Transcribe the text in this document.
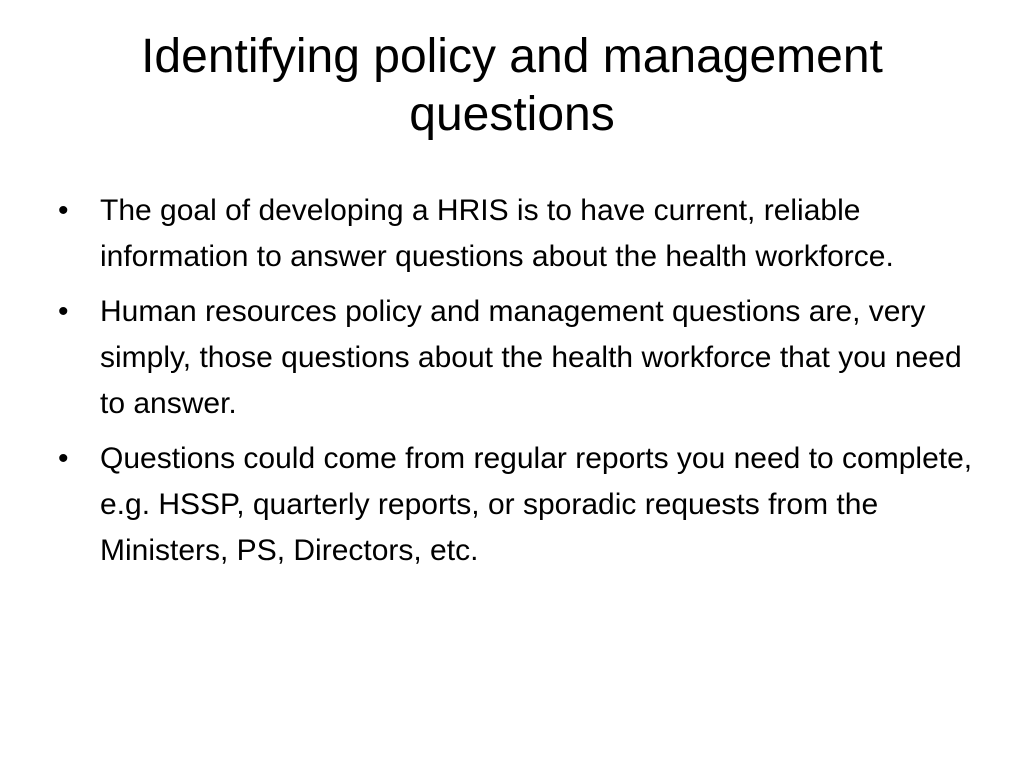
Identifying policy and management questions
•	The goal of developing a HRIS is to have current, reliable information to answer questions about the health workforce.
•	Human resources policy and management questions are, very simply, those questions about the health workforce that you need to answer.
•	Questions could come from regular reports you need to complete, e.g. HSSP, quarterly reports, or sporadic requests from the Ministers, PS, Directors, etc.
